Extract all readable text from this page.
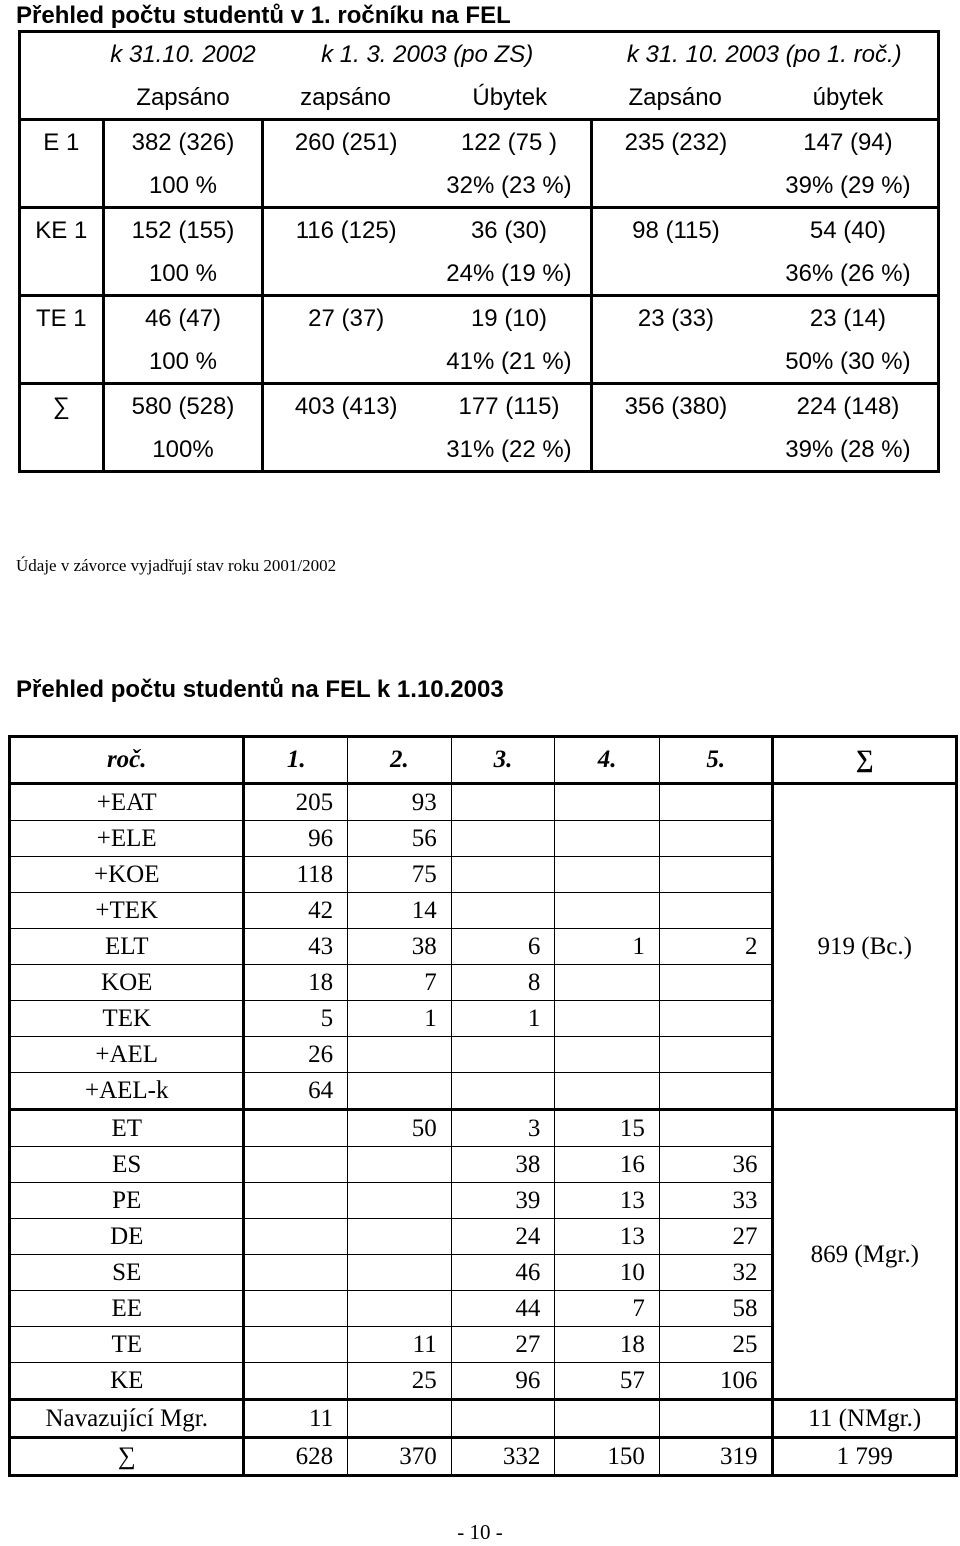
Přehled počtu studentů v 1. ročníku na FEL
	k 31.10. 2002	k 1. 3. 2003 (po ZS)		k 31. 10. 2003 (po 1. roč.)	
	Zapsáno	zapsáno	Úbytek	Zapsáno	úbytek
E 1	382 (326)	260 (251)	122 (75 )	235 (232)	147 (94)
	100 %		32% (23 %)		39% (29 %)
KE 1	152 (155)	116 (125)	36 (30)	98 (115)	54 (40)
	100 %		24% (19 %)		36% (26 %)
TE 1	46 (47)	27 (37)	19 (10)	23 (33)	23 (14)
	100 %		41% (21 %)		50% (30 %)
∑	580 (528)	403 (413)	177 (115)	356 (380)	224 (148)
	100%		31% (22 %)		39% (28 %)
Údaje v závorce vyjadřují stav roku 2001/2002
Přehled počtu studentů na FEL k 1.10.2003
roč.	1.	2.	3.	4.	5.	∑
+EAT	205	93				919 (Bc.)
+ELE	96	56				
+KOE	118	75				
+TEK	42	14				
ELT	43	38	6	1	2	
KOE	18	7	8			
TEK	5	1	1			
+AEL	26					
+AEL-k	64					
ET		50	3	15		869 (Mgr.)
ES			38	16	36	
PE			39	13	33	
DE			24	13	27	
SE			46	10	32	
EE			44	7	58	
TE		11	27	18	25	
KE		25	96	57	106	
Navazující Mgr.	11					11 (NMgr.)
∑	628	370	332	150	319	1 799
- 10 -
